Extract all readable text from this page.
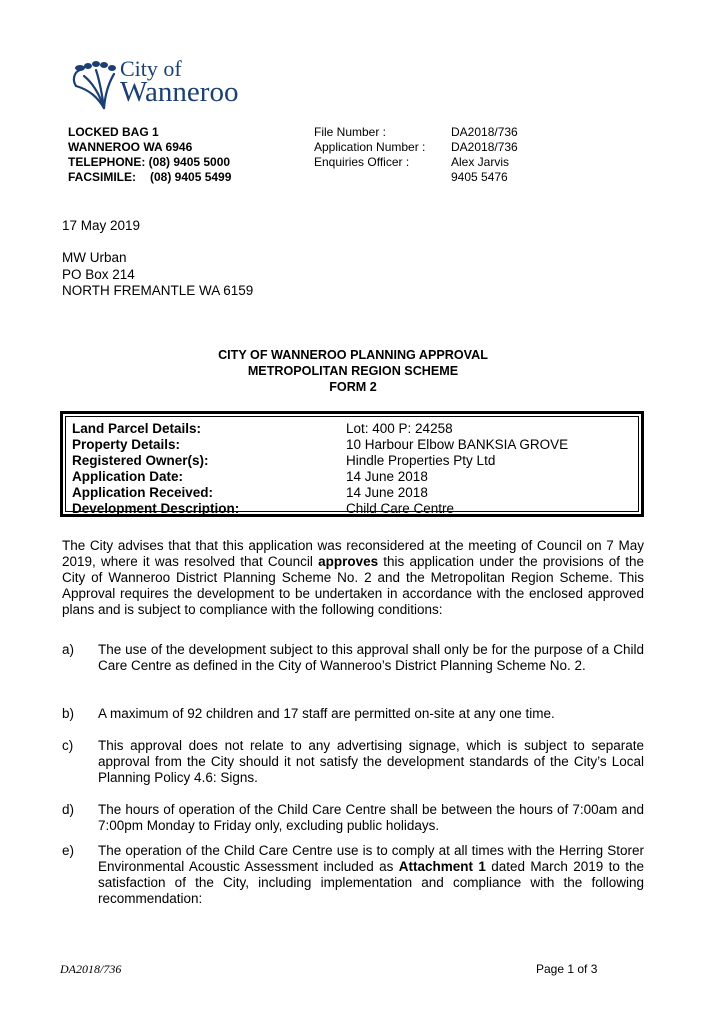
City of
Wanneroo
LOCKED BAG 1
WANNEROO WA 6946
TELEPHONE: (08) 9405 5000
FACSIMILE: (08) 9405 5499
File Number :	DA2018/736
Application Number :	DA2018/736
Enquiries Officer :	Alex Jarvis
9405 5476
17 May 2019
MW Urban
PO Box 214
NORTH FREMANTLE WA 6159
CITY OF WANNEROO PLANNING APPROVAL
METROPOLITAN REGION SCHEME
FORM 2
Land Parcel Details:	Lot: 400 P: 24258
Property Details:	10 Harbour Elbow BANKSIA GROVE
Registered Owner(s):	Hindle Properties Pty Ltd
Application Date:	14 June 2018
Application Received:	14 June 2018
Development Description:	Child Care Centre
The City advises that that this application was reconsidered at the meeting of Council on 7 May 2019, where it was resolved that Council approves this application under the provisions of the City of Wanneroo District Planning Scheme No. 2 and the Metropolitan Region Scheme. This Approval requires the development to be undertaken in accordance with the enclosed approved plans and is subject to compliance with the following conditions:
a) The use of the development subject to this approval shall only be for the purpose of a Child Care Centre as defined in the City of Wanneroo’s District Planning Scheme No. 2.
b) A maximum of 92 children and 17 staff are permitted on-site at any one time.
c) This approval does not relate to any advertising signage, which is subject to separate approval from the City should it not satisfy the development standards of the City’s Local Planning Policy 4.6: Signs.
d) The hours of operation of the Child Care Centre shall be between the hours of 7:00am and 7:00pm Monday to Friday only, excluding public holidays.
e) The operation of the Child Care Centre use is to comply at all times with the Herring Storer Environmental Acoustic Assessment included as Attachment 1 dated March 2019 to the satisfaction of the City, including implementation and compliance with the following recommendation:
DA2018/736	Page 1 of 3
